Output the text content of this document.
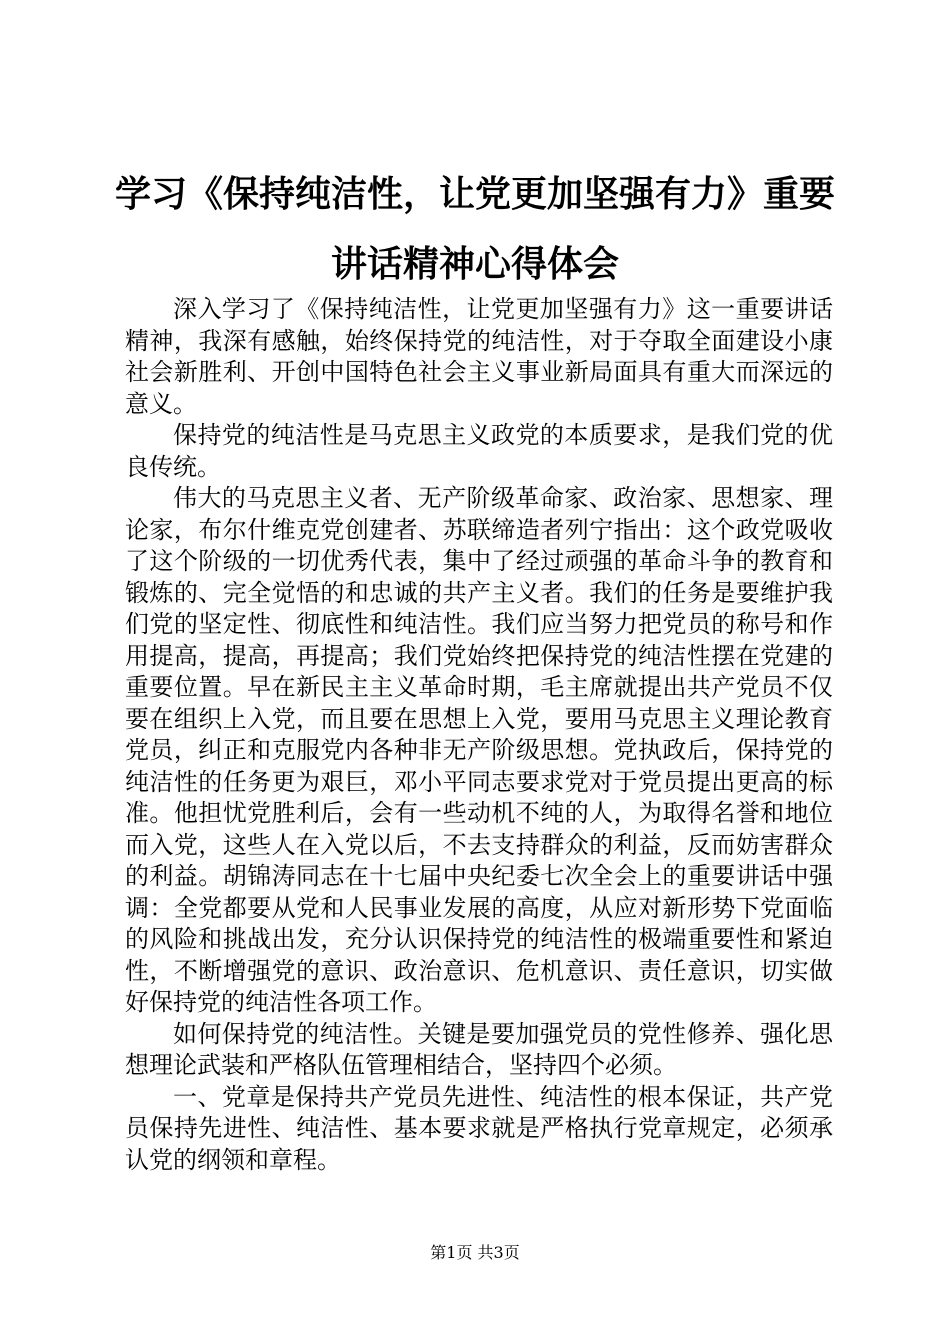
学习《保持纯洁性，让党更加坚强有力》重要
讲话精神心得体会

深入学习了《保持纯洁性，让党更加坚强有力》这一重要讲话精神，我深有感触，始终保持党的纯洁性，对于夺取全面建设小康社会新胜利、开创中国特色社会主义事业新局面具有重大而深远的意义。

保持党的纯洁性是马克思主义政党的本质要求，是我们党的优良传统。

伟大的马克思主义者、无产阶级革命家、政治家、思想家、理论家，布尔什维克党创建者、苏联缔造者列宁指出：这个政党吸收了这个阶级的一切优秀代表，集中了经过顽强的革命斗争的教育和锻炼的、完全觉悟的和忠诚的共产主义者。我们的任务是要维护我们党的坚定性、彻底性和纯洁性。我们应当努力把党员的称号和作用提高，提高，再提高；我们党始终把保持党的纯洁性摆在党建的重要位置。早在新民主主义革命时期，毛主席就提出共产党员不仅要在组织上入党，而且要在思想上入党，要用马克思主义理论教育党员，纠正和克服党内各种非无产阶级思想。党执政后，保持党的纯洁性的任务更为艰巨，邓小平同志要求党对于党员提出更高的标准。他担忧党胜利后，会有一些动机不纯的人，为取得名誉和地位而入党，这些人在入党以后，不去支持群众的利益，反而妨害群众的利益。胡锦涛同志在十七届中央纪委七次全会上的重要讲话中强调：全党都要从党和人民事业发展的高度，从应对新形势下党面临的风险和挑战出发，充分认识保持党的纯洁性的极端重要性和紧迫性，不断增强党的意识、政治意识、危机意识、责任意识，切实做好保持党的纯洁性各项工作。

如何保持党的纯洁性。关键是要加强党员的党性修养、强化思想理论武装和严格队伍管理相结合，坚持四个必须。

一、党章是保持共产党员先进性、纯洁性的根本保证，共产党员保持先进性、纯洁性、基本要求就是严格执行党章规定，必须承认党的纲领和章程。

第1页 共3页
